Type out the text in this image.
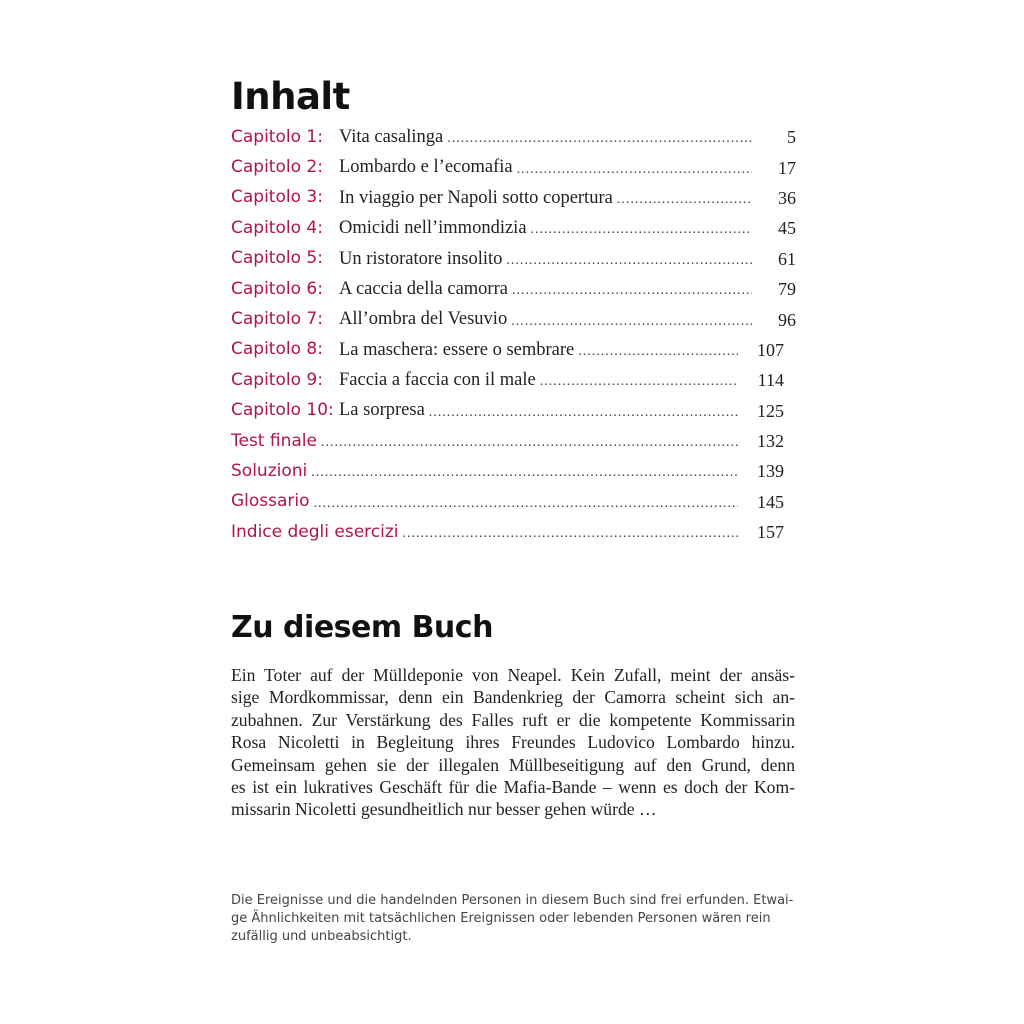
Inhalt
Capitolo 1: Vita casalinga .....	5
Capitolo 2: Lombardo e l’ecomafia .....	17
Capitolo 3: In viaggio per Napoli sotto copertura .....	36
Capitolo 4: Omicidi nell’immondizia .....	45
Capitolo 5: Un ristoratore insolito .....	61
Capitolo 6: A caccia della camorra .....	79
Capitolo 7: All’ombra del Vesuvio .....	96
Capitolo 8: La maschera: essere o sembrare .....	107
Capitolo 9: Faccia a faccia con il male .....	114
Capitolo 10: La sorpresa .....	125
Test finale .....	132
Soluzioni .....	139
Glossario .....	145
Indice degli esercizi .....	157
Zu diesem Buch
Ein Toter auf der Mülldeponie von Neapel. Kein Zufall, meint der ansäs-
sige Mordkommissar, denn ein Bandenkrieg der Camorra scheint sich an-
zubahnen. Zur Verstärkung des Falles ruft er die kompetente Kommissarin
Rosa Nicoletti in Begleitung ihres Freundes Ludovico Lombardo hinzu.
Gemeinsam gehen sie der illegalen Müllbeseitigung auf den Grund, denn
es ist ein lukratives Geschäft für die Mafia-Bande – wenn es doch der Kom-
missarin Nicoletti gesundheitlich nur besser gehen würde …
Die Ereignisse und die handelnden Personen in diesem Buch sind frei erfunden. Etwai-
ge Ähnlichkeiten mit tatsächlichen Ereignissen oder lebenden Personen wären rein
zufällig und unbeabsichtigt.
